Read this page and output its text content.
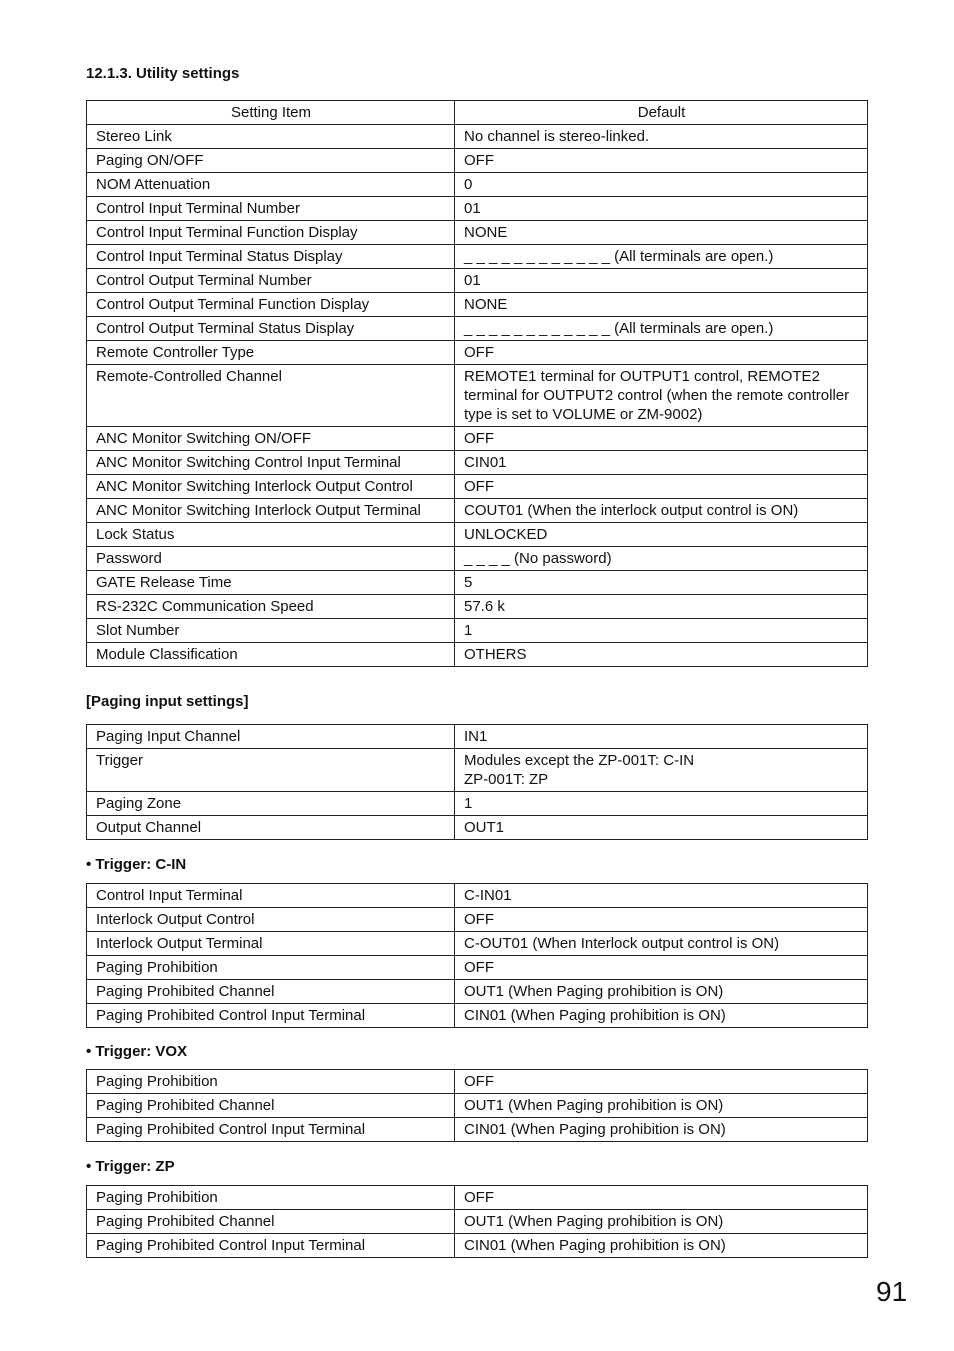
12.1.3. Utility settings
Setting Item	Default
Stereo Link	No channel is stereo-linked.
Paging ON/OFF	OFF
NOM Attenuation	0
Control Input Terminal Number	01
Control Input Terminal Function Display	NONE
Control Input Terminal Status Display	_ _ _ _ _ _ _ _ _ _ _ _ (All terminals are open.)
Control Output Terminal Number	01
Control Output Terminal Function Display	NONE
Control Output Terminal Status Display	_ _ _ _ _ _ _ _ _ _ _ _ (All terminals are open.)
Remote Controller Type	OFF
Remote-Controlled Channel	REMOTE1 terminal for OUTPUT1 control, REMOTE2 terminal for OUTPUT2 control (when the remote controller type is set to VOLUME or ZM-9002)
ANC Monitor Switching ON/OFF	OFF
ANC Monitor Switching Control Input Terminal	CIN01
ANC Monitor Switching Interlock Output Control	OFF
ANC Monitor Switching Interlock Output Terminal	COUT01 (When the interlock output control is ON)
Lock Status	UNLOCKED
Password	_ _ _ _ (No password)
GATE Release Time	5
RS-232C Communication Speed	57.6 k
Slot Number	1
Module Classification	OTHERS
[Paging input settings]
Paging Input Channel	IN1
Trigger	Modules except the ZP-001T: C-IN
ZP-001T: ZP

Paging Zone	1
Output Channel	OUT1
• Trigger: C-IN
Control Input Terminal	C-IN01
Interlock Output Control	OFF
Interlock Output Terminal	C-OUT01 (When Interlock output control is ON)
Paging Prohibition	OFF
Paging Prohibited Channel	OUT1 (When Paging prohibition is ON)
Paging Prohibited Control Input Terminal	CIN01 (When Paging prohibition is ON)
• Trigger: VOX
Paging Prohibition	OFF
Paging Prohibited Channel	OUT1 (When Paging prohibition is ON)
Paging Prohibited Control Input Terminal	CIN01 (When Paging prohibition is ON)
• Trigger: ZP
Paging Prohibition	OFF
Paging Prohibited Channel	OUT1 (When Paging prohibition is ON)
Paging Prohibited Control Input Terminal	CIN01 (When Paging prohibition is ON)
91
